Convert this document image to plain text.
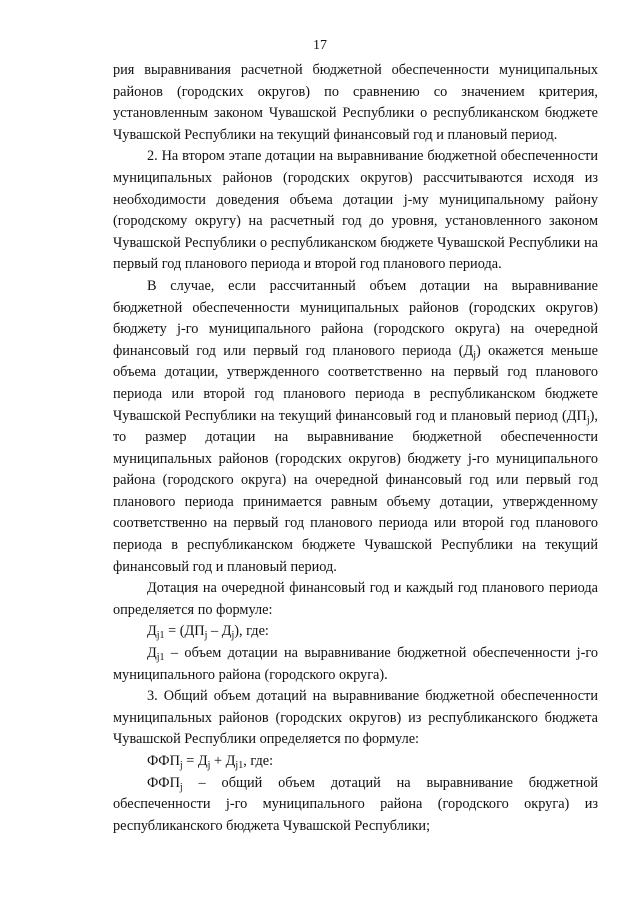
17

рия выравнивания расчетной бюджетной обеспеченности муниципальных районов (городских округов) по сравнению со значением критерия, установленным законом Чувашской Республики о республиканском бюджете Чувашской Республики на текущий финансовый год и плановый период.

2. На втором этапе дотации на выравнивание бюджетной обеспеченности муниципальных районов (городских округов) рассчитываются исходя из необходимости доведения объема дотации j-му муниципальному району (городскому округу) на расчетный год до уровня, установленного законом Чувашской Республики о республиканском бюджете Чувашской Республики на первый год планового периода и второй год планового периода.

В случае, если рассчитанный объем дотации на выравнивание бюджетной обеспеченности муниципальных районов (городских округов) бюджету j-го муниципального района (городского округа) на очередной финансовый год или первый год планового периода $(Д_j)$ окажется меньше объема дотации, утвержденного соответственно на первый год планового периода или второй год планового периода в республиканском бюджете Чувашской Республики на текущий финансовый год и плановый период $(ДП_j)$, то размер дотации на выравнивание бюджетной обеспеченности муниципальных районов (городских округов) бюджету j-го муниципального района (городского округа) на очередной финансовый год или первый год планового периода принимается равным объему дотации, утвержденному соответственно на первый год планового периода или второй год планового периода в республиканском бюджете Чувашской Республики на текущий финансовый год и плановый период.

Дотация на очередной финансовый год и каждый год планового периода определяется по формуле:

$Д_{j1} = (ДП_j - Д_j)$, где:

$Д_{j1}$ – объем дотации на выравнивание бюджетной обеспеченности j-го муниципального района (городского округа).

3. Общий объем дотаций на выравнивание бюджетной обеспеченности муниципальных районов (городских округов) из республиканского бюджета Чувашской Республики определяется по формуле:

$ФФП_j = Д_j + Д_{j1}$, где:

$ФФП_j$ – общий объем дотаций на выравнивание бюджетной обеспеченности j-го муниципального района (городского округа) из республиканского бюджета Чувашской Республики;
